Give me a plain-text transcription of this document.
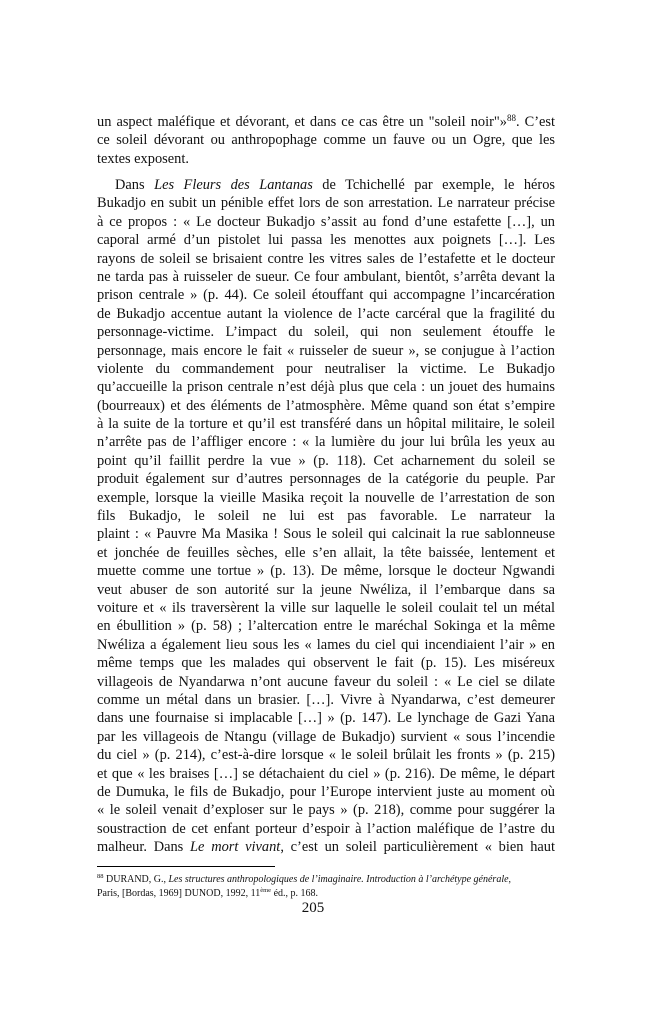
un aspect maléfique et dévorant, et dans ce cas être un "soleil noir"»$^{88}$. C’est
ce soleil dévorant ou anthropophage comme un fauve ou un Ogre, que les
textes exposent.
Dans Les Fleurs des Lantanas de Tchichellé par exemple, le héros
Bukadjo en subit un pénible effet lors de son arrestation. Le narrateur précise
à ce propos : « Le docteur Bukadjo s’assit au fond d’une estafette […], un
caporal armé d’un pistolet lui passa les menottes aux poignets […]. Les
rayons de soleil se brisaient contre les vitres sales de l’estafette et le docteur
ne tarda pas à ruisseler de sueur. Ce four ambulant, bientôt, s’arrêta devant la
prison centrale » (p. 44). Ce soleil étouffant qui accompagne l’incarcération
de Bukadjo accentue autant la violence de l’acte carcéral que la fragilité du
personnage-victime. L’impact du soleil, qui non seulement étouffe le
personnage, mais encore le fait « ruisseler de sueur », se conjugue à l’action
violente du commandement pour neutraliser la victime. Le Bukadjo
qu’accueille la prison centrale n’est déjà plus que cela : un jouet des humains
(bourreaux) et des éléments de l’atmosphère. Même quand son état s’empire
à la suite de la torture et qu’il est transféré dans un hôpital militaire, le soleil
n’arrête pas de l’affliger encore : « la lumière du jour lui brûla les yeux au
point qu’il faillit perdre la vue » (p. 118). Cet acharnement du soleil se
produit également sur d’autres personnages de la catégorie du peuple. Par
exemple, lorsque la vieille Masika reçoit la nouvelle de l’arrestation de son
fils Bukadjo, le soleil ne lui est pas favorable. Le narrateur la
plaint : « Pauvre Ma Masika ! Sous le soleil qui calcinait la rue sablonneuse
et jonchée de feuilles sèches, elle s’en allait, la tête baissée, lentement et
muette comme une tortue » (p. 13). De même, lorsque le docteur Ngwandi
veut abuser de son autorité sur la jeune Nwéliza, il l’embarque dans sa
voiture et « ils traversèrent la ville sur laquelle le soleil coulait tel un métal
en ébullition » (p. 58) ; l’altercation entre le maréchal Sokinga et la même
Nwéliza a également lieu sous les « lames du ciel qui incendiaient l’air » en
même temps que les malades qui observent le fait (p. 15). Les miséreux
villageois de Nyandarwa n’ont aucune faveur du soleil : « Le ciel se dilate
comme un métal dans un brasier. […]. Vivre à Nyandarwa, c’est demeurer
dans une fournaise si implacable […] » (p. 147). Le lynchage de Gazi Yana
par les villageois de Ntangu (village de Bukadjo) survient « sous l’incendie
du ciel » (p. 214), c’est-à-dire lorsque « le soleil brûlait les fronts » (p. 215)
et que « les braises […] se détachaient du ciel » (p. 216). De même, le départ
de Dumuka, le fils de Bukadjo, pour l’Europe intervient juste au moment où
« le soleil venait d’exploser sur le pays » (p. 218), comme pour suggérer la
soustraction de cet enfant porteur d’espoir à l’action maléfique de l’astre du
malheur. Dans Le mort vivant, c’est un soleil particulièrement « bien haut
$^{88}$ DURAND, G., Les structures anthropologiques de l’imaginaire. Introduction à l’archétype générale,
Paris, [Bordas, 1969] DUNOD, 1992, 11ème éd., p. 168.
205
